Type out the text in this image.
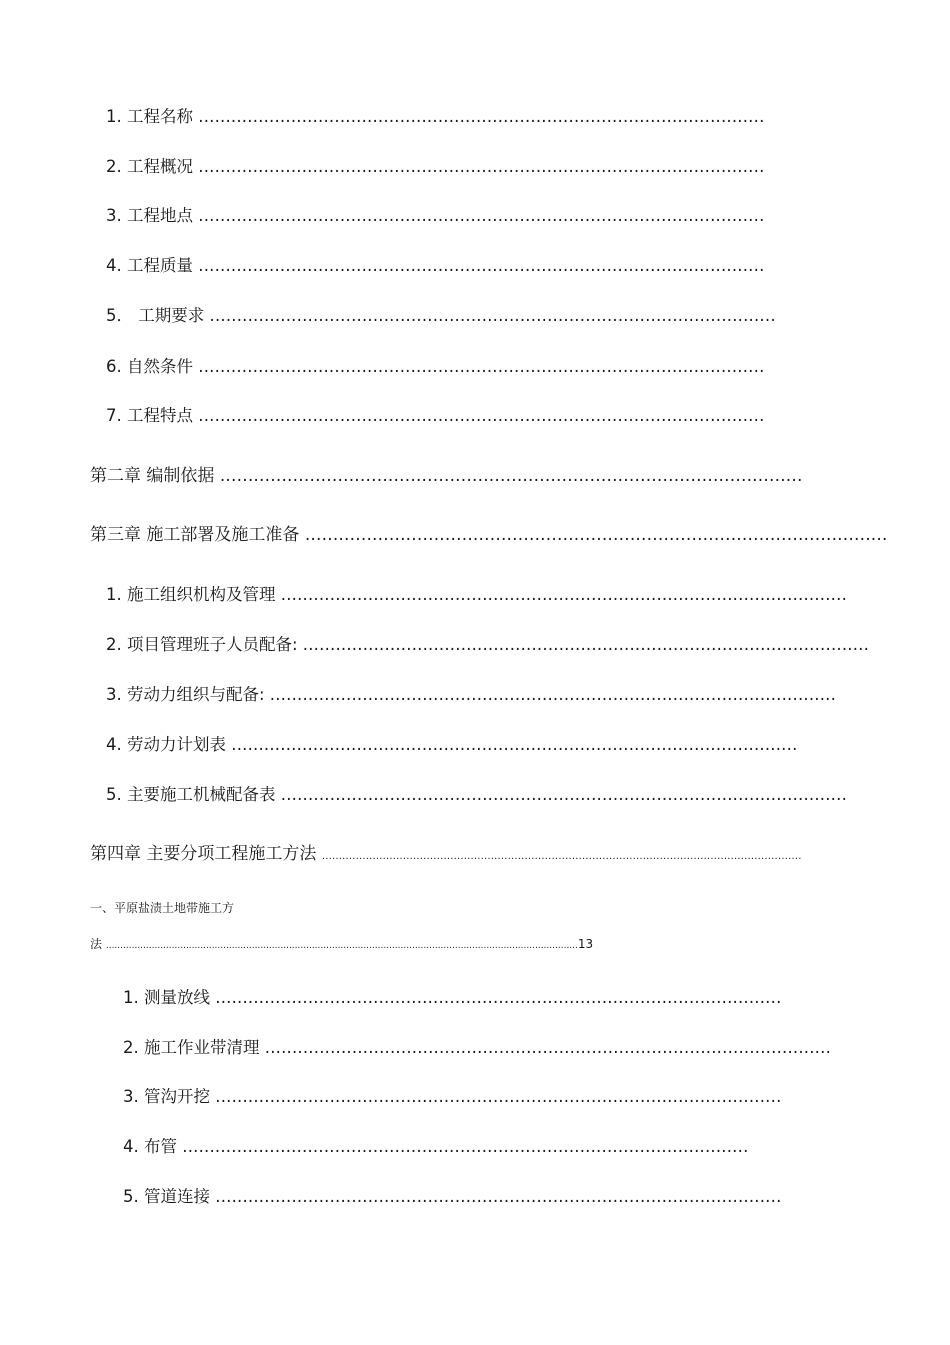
1. 工程名称 ........................................................................................................
2. 工程概况 ........................................................................................................
3. 工程地点 ........................................................................................................
4. 工程质量 ........................................................................................................
5． 工期要求 ........................................................................................................
6. 自然条件 ........................................................................................................
7. 工程特点 ........................................................................................................
第二章 编制依据 ........................................................................................................
第三章 施工部署及施工准备 ........................................................................................................
1. 施工组织机构及管理 ........................................................................................................
2. 项目管理班子人员配备: ........................................................................................................
3. 劳动力组织与配备: ........................................................................................................
4. 劳动力计划表 ........................................................................................................
5. 主要施工机械配备表 ........................................................................................................
第四章 主要分项工程施工方法 ..............................................................................................................................................
一、平原盐渍土地带施工方
法 .....................................................................................................................................................................13
1. 测量放线 ........................................................................................................
2. 施工作业带清理 ........................................................................................................
3. 管沟开挖 ........................................................................................................
4. 布管 ........................................................................................................
5. 管道连接 ........................................................................................................
